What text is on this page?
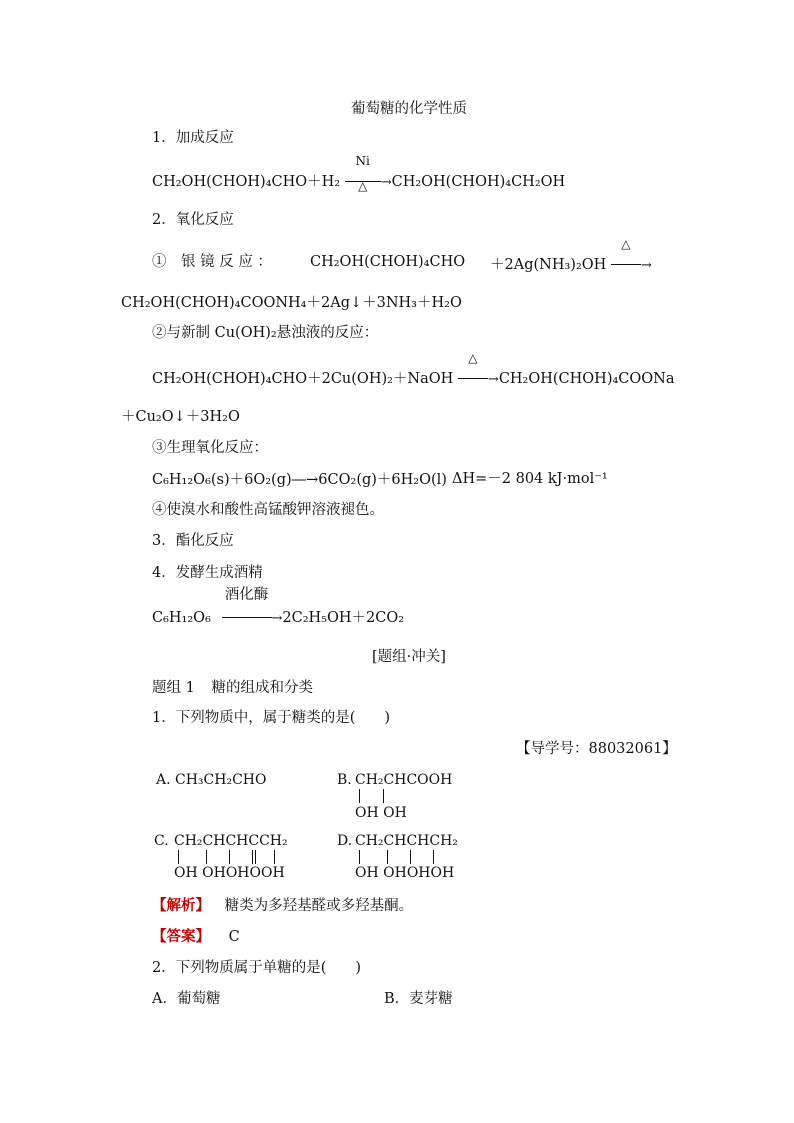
葡萄糖的化学性质
1．加成反应
CH₂OH(CHOH)₄CHO＋H₂
Ni
△	→CH₂OH(CHOH)₄CH₂OH
2．氧化反应
①　银 镜 反 应 ：	CH₂OH(CHOH)₄CHO ＋2Ag(NH₃)₂OH
△
→
CH₂OH(CHOH)₄COONH₄＋2Ag↓＋3NH₃＋H₂O
②与新制 Cu(OH)₂悬浊液的反应：
CH₂OH(CHOH)₄CHO＋2Cu(OH)₂＋NaOH
△
→CH₂OH(CHOH)₄COONa
＋Cu₂O↓＋3H₂O
③生理氧化反应：
C₆H₁₂O₆(s)＋6O₂(g)―→6CO₂(g)＋6H₂O(l) ΔH=－2 804 kJ·mol⁻¹
④使溴水和酸性高锰酸钾溶液褪色。
3．酯化反应
4．发酵生成酒精
C₆H₁₂O₆
酒化酶
→2C₂H₅OH＋2CO₂
[题组·冲关]
题组 1 糖的组成和分类
1．下列物质中，属于糖类的是(　　)
【导学号：88032061】
A. CH₃CH₂CHO	B. CH₂CHCOOH
OH OH
C. CH₂CHCHCCH₂
OH OHOHOOH
D. CH₂CHCHCH₂
OH OHOHOH
【解析】 糖类为多羟基醛或多羟基酮。
【答案】 C
2．下列物质属于单糖的是(　　)
A．葡萄糖	B．麦芽糖
